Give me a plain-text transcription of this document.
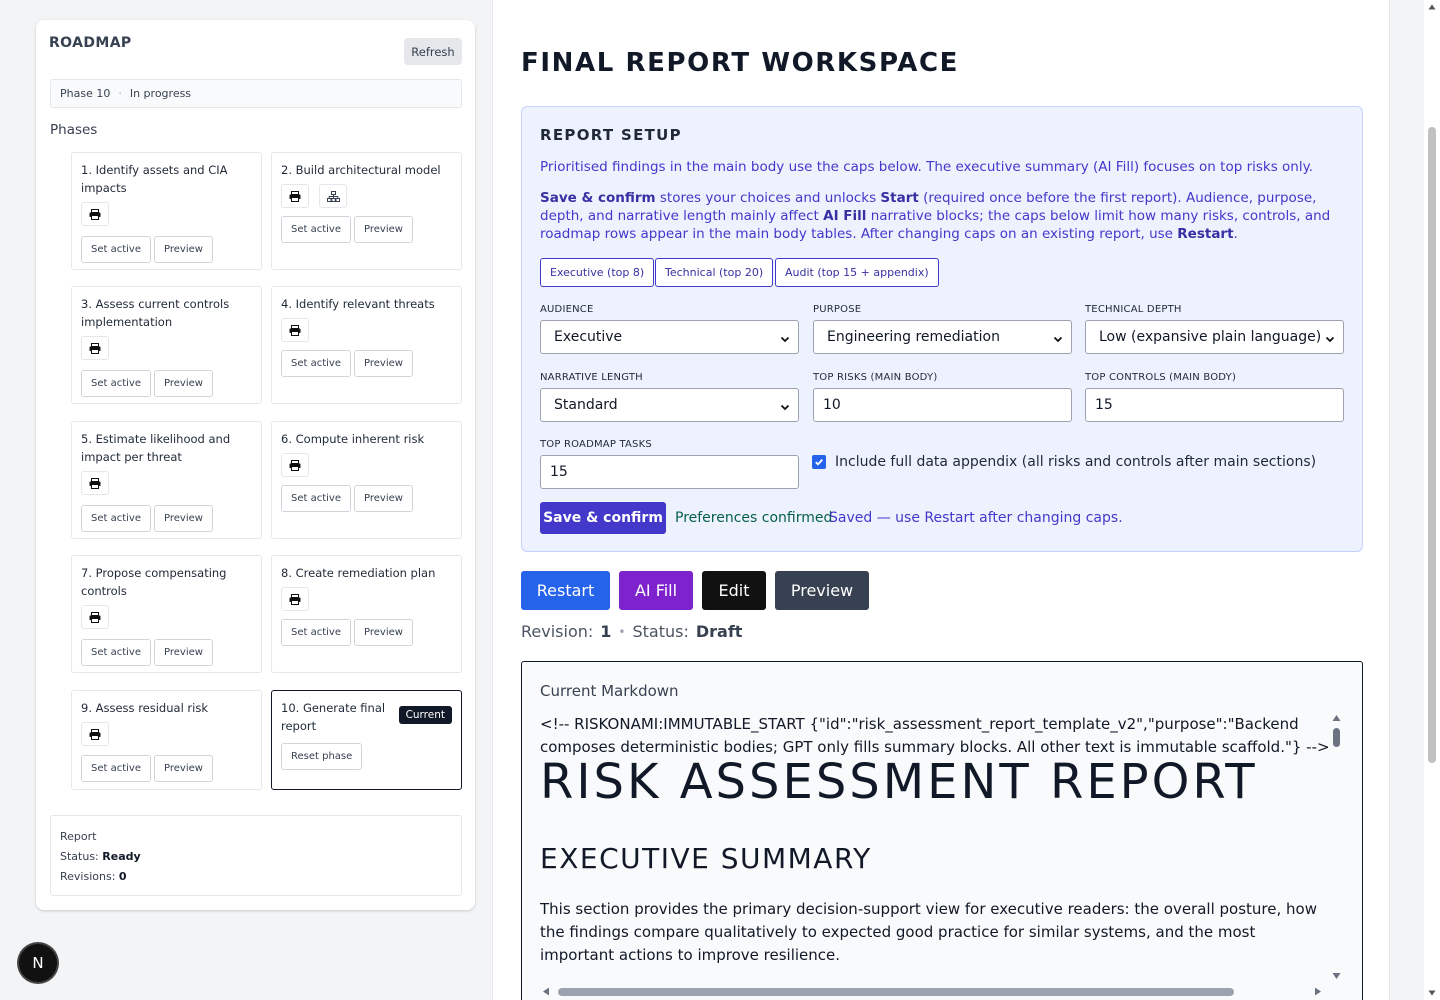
ROADMAP
Refresh
Phase 10 · In progress
Phases
1. Identify assets and CIA impacts
Set active	Preview
2. Build architectural model
Set active	Preview
3. Assess current controls implementation
Set active	Preview
4. Identify relevant threats
Set active	Preview
5. Estimate likelihood and impact per threat
Set active	Preview
6. Compute inherent risk
Set active	Preview
7. Propose compensating controls
Set active	Preview
8. Create remediation plan
Set active	Preview
9. Assess residual risk
Set active	Preview
10. Generate final report
Current
Reset phase
Report
Status: Ready
Revisions: 0
N
FINAL REPORT WORKSPACE
REPORT SETUP
Prioritised findings in the main body use the caps below. The executive summary (AI Fill) focuses on top risks only.
Save & confirm stores your choices and unlocks Start (required once before the first report). Audience, purpose, depth, and narrative length mainly affect AI Fill narrative blocks; the caps below limit how many risks, controls, and roadmap rows appear in the main body tables. After changing caps on an existing report, use Restart.
Executive (top 8)	Technical (top 20)	Audit (top 15 + appendix)
AUDIENCE
Executive
PURPOSE
Engineering remediation
TECHNICAL DEPTH
Low (expansive plain language)
NARRATIVE LENGTH
Standard
TOP RISKS (MAIN BODY)
10
TOP CONTROLS (MAIN BODY)
15
TOP ROADMAP TASKS
15
Include full data appendix (all risks and controls after main sections)
Save & confirm Preferences confirmed
Saved — use Restart after changing caps.
Restart	AI Fill	Edit	Preview
Revision: 1 • Status: Draft
Current Markdown
<!-- RISKONAMI:IMMUTABLE_START {"id":"risk_assessment_report_template_v2","purpose":"Backend composes deterministic bodies; GPT only fills summary blocks. All other text is immutable scaffold."} -->
RISK ASSESSMENT REPORT
EXECUTIVE SUMMARY
This section provides the primary decision-support view for executive readers: the overall posture, how the findings compare qualitatively to expected good practice for similar systems, and the most important actions to improve resilience.
